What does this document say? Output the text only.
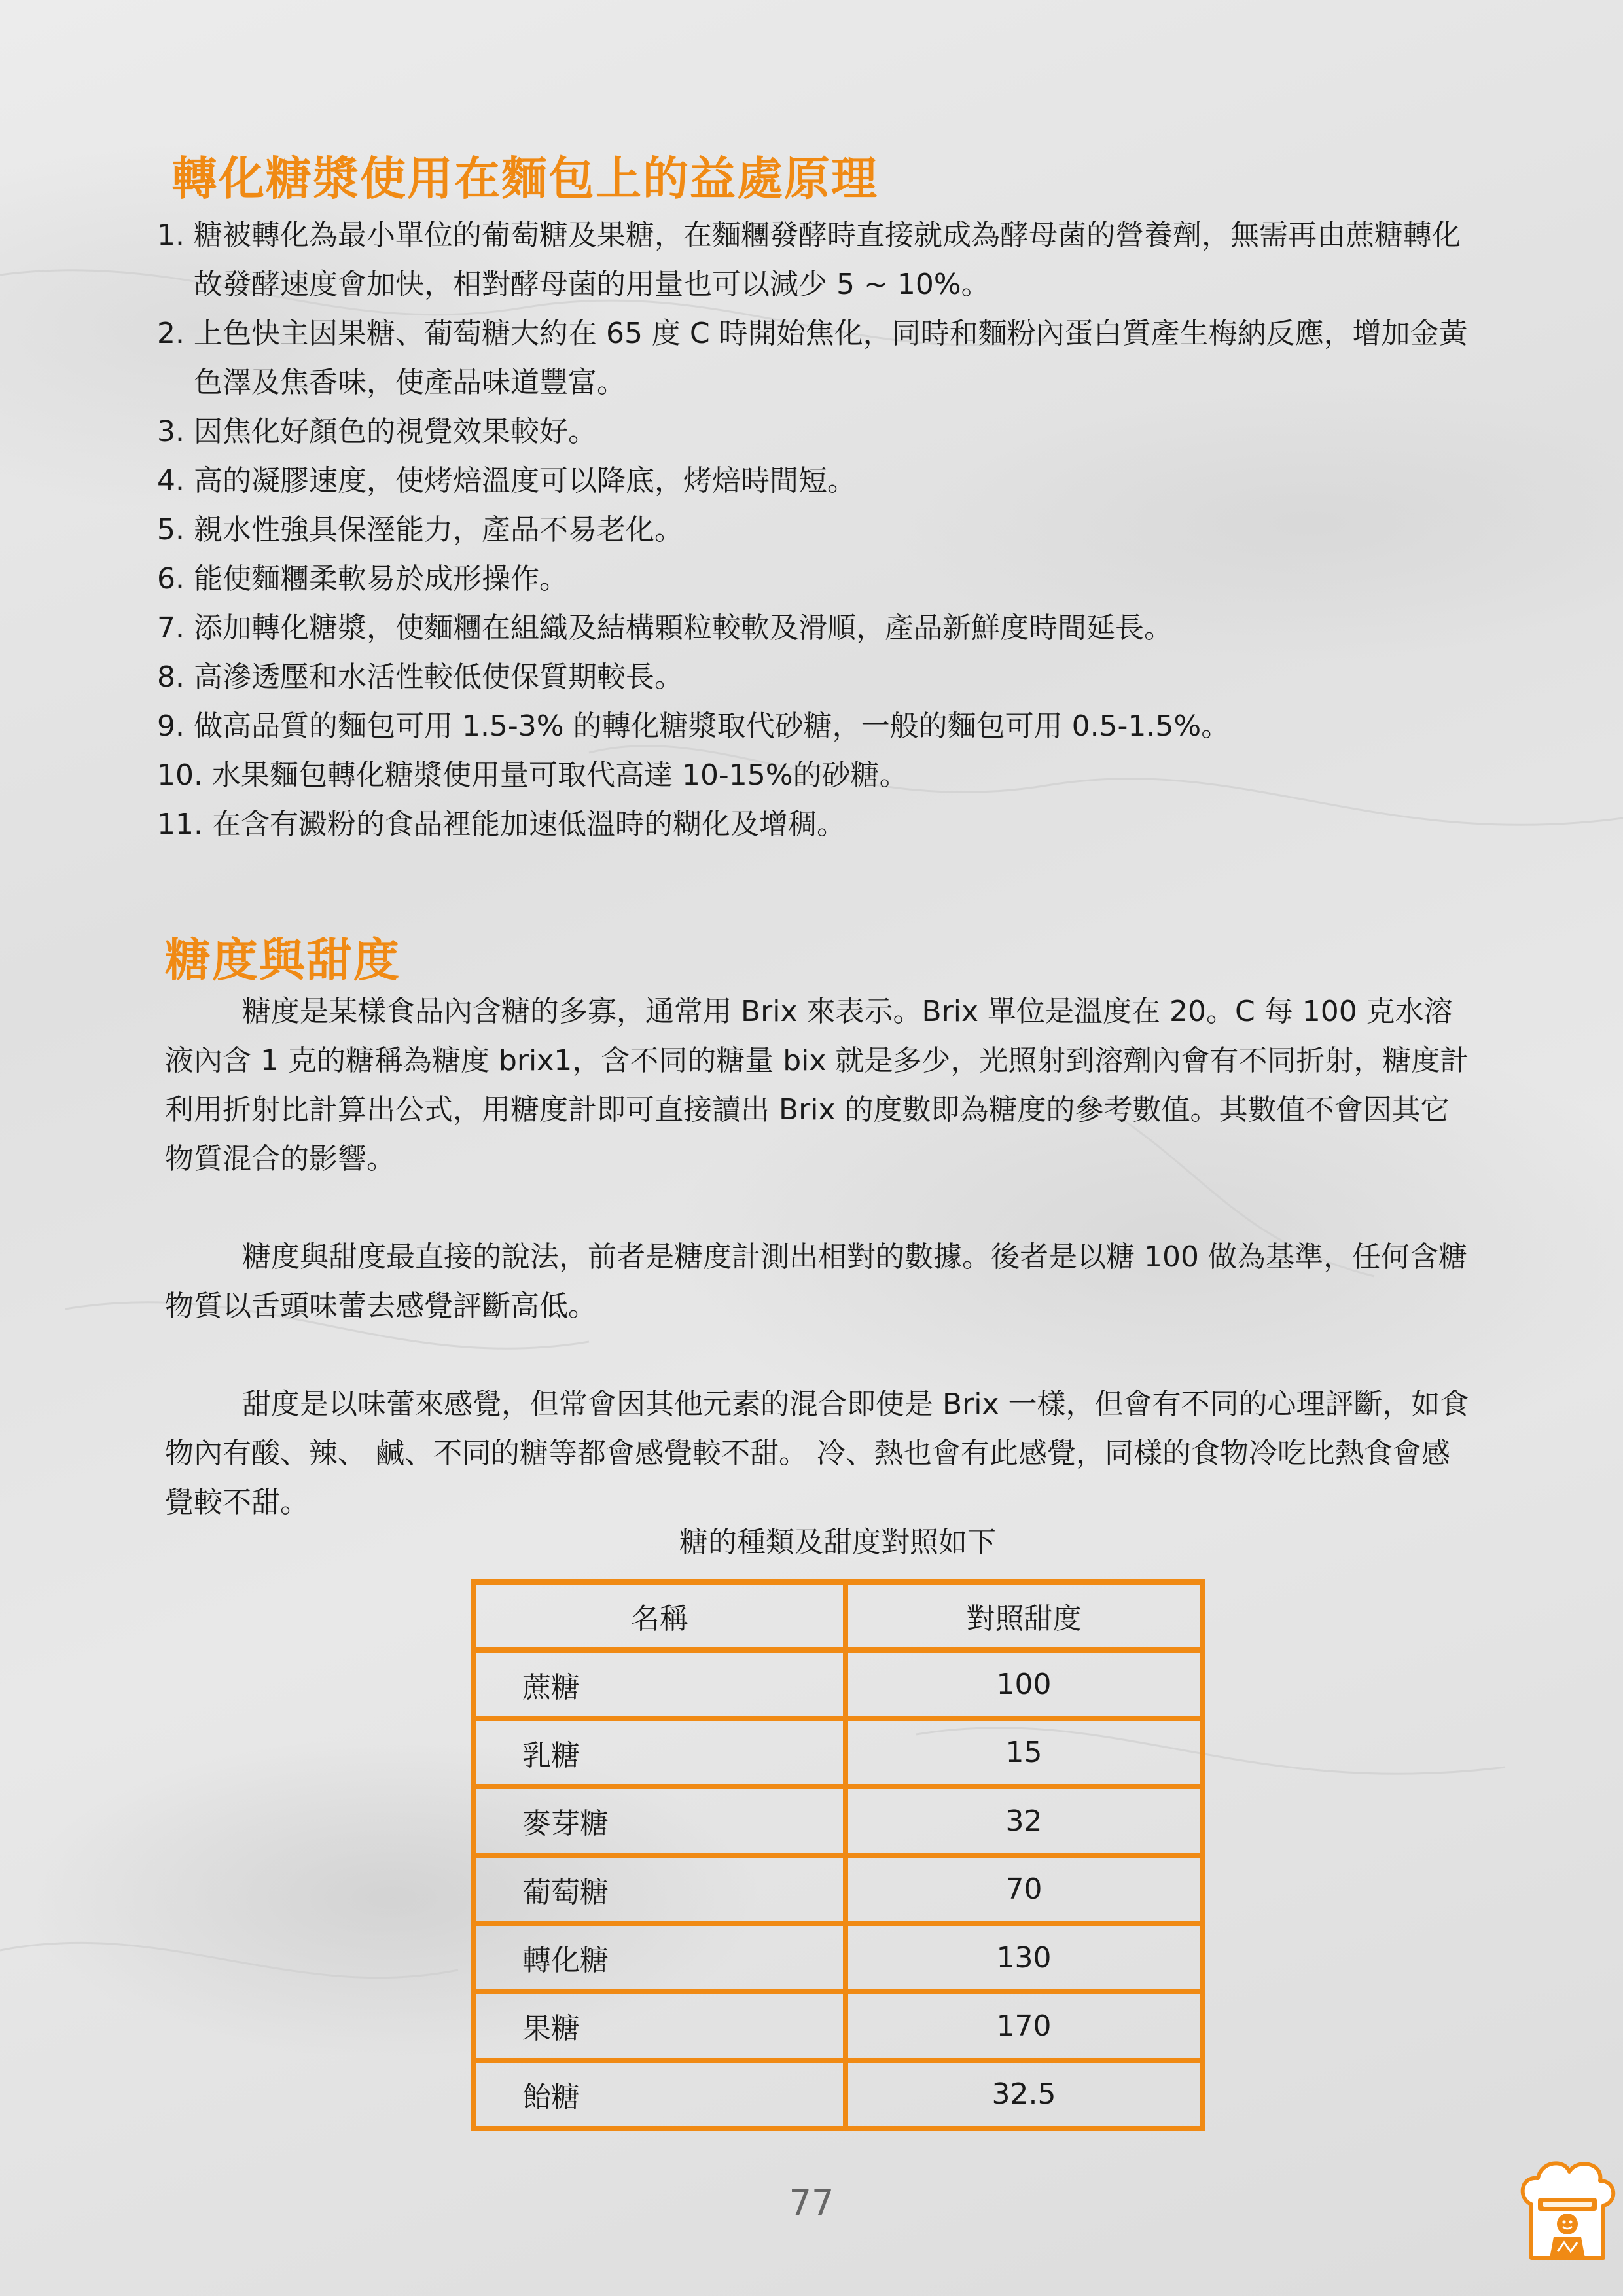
轉化糖漿使用在麵包上的益處原理
1. 糖被轉化為最小單位的葡萄糖及果糖，在麵糰發酵時直接就成為酵母菌的營養劑，無需再由蔗糖轉化故發酵速度會加快，相對酵母菌的用量也可以減少 5 ~ 10%。
2. 上色快主因果糖、葡萄糖大約在 65 度 C 時開始焦化，同時和麵粉內蛋白質產生梅納反應，增加金黃色澤及焦香味，使產品味道豐富。
3. 因焦化好顏色的視覺效果較好。
4. 高的凝膠速度，使烤焙溫度可以降底，烤焙時間短。
5. 親水性強具保溼能力，產品不易老化。
6. 能使麵糰柔軟易於成形操作。
7. 添加轉化糖漿，使麵糰在組織及結構顆粒較軟及滑順，產品新鮮度時間延長。
8. 高滲透壓和水活性較低使保質期較長。
9. 做高品質的麵包可用 1.5-3% 的轉化糖漿取代砂糖，一般的麵包可用 0.5-1.5%。
10. 水果麵包轉化糖漿使用量可取代高達 10-15%的砂糖。
11. 在含有澱粉的食品裡能加速低溫時的糊化及增稠。
糖度與甜度

糖度是某樣食品內含糖的多寡，通常用 Brix 來表示。Brix 單位是溫度在 20。C 每 100 克水溶液內含 1 克的糖稱為糖度 brix1，含不同的糖量 bix 就是多少，光照射到溶劑內會有不同折射，糖度計利用折射比計算出公式，用糖度計即可直接讀出 Brix 的度數即為糖度的參考數值。其數值不會因其它物質混合的影響。

糖度與甜度最直接的說法，前者是糖度計測出相對的數據。後者是以糖 100 做為基準，任何含糖物質以舌頭味蕾去感覺評斷高低。

甜度是以味蕾來感覺，但常會因其他元素的混合即使是 Brix 一樣，但會有不同的心理評斷，如食物內有酸、辣、 鹹、不同的糖等都會感覺較不甜。 冷、熱也會有此感覺，同樣的食物冷吃比熱食會感覺較不甜。

糖的種類及甜度對照如下

名稱	對照甜度
蔗糖	100
乳糖	15
麥芽糖	32
葡萄糖	70
轉化糖	130
果糖	170
飴糖	32.5

77
